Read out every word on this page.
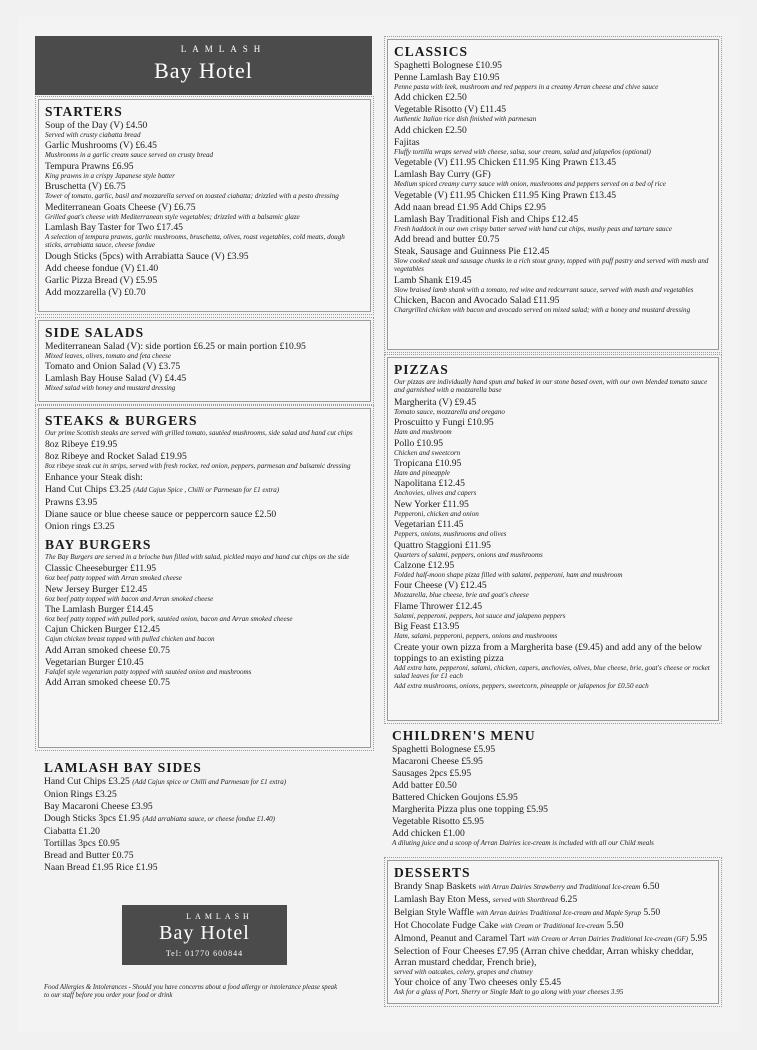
LAMLASH
Bay Hotel
STARTERS
Soup of the Day (V) £4.50
Served with crusty ciabatta bread
Garlic Mushrooms (V) £6.45
Mushrooms in a garlic cream sauce served on crusty bread
Tempura Prawns £6.95
King prawns in a crispy Japanese style batter
Bruschetta (V) £6.75
Tower of tomato, garlic, basil and mozzarella served on toasted ciabatta; drizzled with a pesto dressing
Mediterranean Goats Cheese (V) £6.75
Grilled goat's cheese with Mediterranean style vegetables; drizzled with a balsamic glaze
Lamlash Bay Taster for Two £17.45
A selection of tempura prawns, garlic mushrooms, bruschetta, olives, roast vegetables, cold meats, dough sticks, arrabiatta sauce, cheese fondue
Dough Sticks (5pcs) with Arrabiatta Sauce (V) £3.95
Add cheese fondue (V) £1.40
Garlic Pizza Bread (V) £5.95
Add mozzarella (V) £0.70
SIDE SALADS
Mediterranean Salad (V): side portion £6.25 or main portion £10.95
Mixed leaves, olives, tomato and feta cheese
Tomato and Onion Salad (V) £3.75
Lamlash Bay House Salad (V) £4.45
Mixed salad with honey and mustard dressing
STEAKS & BURGERS
Our prime Scottish steaks are served with grilled tomato, sautéed mushrooms, side salad and hand cut chips
8oz Ribeye £19.95
8oz Ribeye and Rocket Salad £19.95
8oz ribeye steak cut in strips, served with fresh rocket, red onion, peppers, parmesan and balsamic dressing
Enhance your Steak dish:
Hand Cut Chips £3.25 (Add Cajun Spice , Chilli or Parmesan for £1 extra)
Prawns £3.95
Diane sauce or blue cheese sauce or peppercorn sauce £2.50
Onion rings £3.25
BAY BURGERS
The Bay Burgers are served in a brioche bun filled with salad, pickled mayo and hand cut chips on the side
Classic Cheeseburger £11.95
6oz beef patty topped with Arran smoked cheese
New Jersey Burger £12.45
6oz beef patty topped with bacon and Arran smoked cheese
The Lamlash Burger £14.45
6oz beef patty topped with pulled pork, sautéed onion, bacon and Arran smoked cheese
Cajun Chicken Burger £12.45
Cajun chicken breast topped with pulled chicken and bacon
Add Arran smoked cheese £0.75
Vegetarian Burger £10.45
Falafel style vegetarian patty topped with sautéed onion and mushrooms
Add Arran smoked cheese £0.75
LAMLASH BAY SIDES
Hand Cut Chips £3.25 (Add Cajun spice or Chilli and Parmesan for £1 extra)
Onion Rings £3.25
Bay Macaroni Cheese £3.95
Dough Sticks 3pcs £1.95 (Add arrabiatta sauce, or cheese fondue £1.40)
Ciabatta £1.20
Tortillas 3pcs £0.95
Bread and Butter £0.75
Naan Bread £1.95 Rice £1.95
LAMLASH
Bay Hotel
Tel: 01770 600844
Food Allergies & Intolerances - Should you have concerns about a food allergy or intolerance please speak to our staff before you order your food or drink
CLASSICS
Spaghetti Bolognese £10.95
Penne Lamlash Bay £10.95
Penne pasta with leek, mushroom and red peppers in a creamy Arran cheese and chive sauce
Add chicken £2.50
Vegetable Risotto (V) £11.45
Authentic Italian rice dish finished with parmesan
Add chicken £2.50
Fajitas
Fluffy tortilla wraps served with cheese, salsa, sour cream, salad and jalapeños (optional)
Vegetable (V) £11.95 Chicken £11.95 King Prawn £13.45
Lamlash Bay Curry (GF)
Medium spiced creamy curry sauce with onion, mushrooms and peppers served on a bed of rice
Vegetable (V) £11.95 Chicken £11.95 King Prawn £13.45
Add naan bread £1.95 Add Chips £2.95
Lamlash Bay Traditional Fish and Chips £12.45
Fresh haddock in our own crispy batter served with hand cut chips, mushy peas and tartare sauce
Add bread and butter £0.75
Steak, Sausage and Guinness Pie £12.45
Slow cooked steak and sausage chunks in a rich stout gravy, topped with puff pastry and served with mash and vegetables
Lamb Shank £19.45
Slow braised lamb shank with a tomato, red wine and redcurrant sauce, served with mash and vegetables
Chicken, Bacon and Avocado Salad £11.95
Chargrilled chicken with bacon and avocado served on mixed salad; with a honey and mustard dressing
PIZZAS
Our pizzas are individually hand spun and baked in our stone based oven, with our own blended tomato sauce and garnished with a mozzarella base
Margherita (V) £9.45
Tomato sauce, mozzarella and oregano
Proscuitto y Fungi £10.95
Ham and mushroom
Pollo £10.95
Chicken and sweetcorn
Tropicana £10.95
Ham and pineapple
Napolitana £12.45
Anchovies, olives and capers
New Yorker £11.95
Pepperoni, chicken and onion
Vegetarian £11.45
Peppers, onions, mushrooms and olives
Quattro Staggioni £11.95
Quarters of salami, peppers, onions and mushrooms
Calzone £12.95
Folded half-moon shape pizza filled with salami, pepperoni, ham and mushroom
Four Cheese (V) £12.45
Mozzarella, blue cheese, brie and goat's cheese
Flame Thrower £12.45
Salami, pepperoni, peppers, hot sauce and jalapeno peppers
Big Feast £13.95
Ham, salami, pepperoni, peppers, onions and mushrooms
Create your own pizza from a Margherita base (£9.45) and add any of the below toppings to an existing pizza
Add extra ham, pepperoni, salami, chicken, capers, anchovies, olives, blue cheese, brie, goat's cheese or rocket salad leaves for £1 each
Add extra mushrooms, onions, peppers, sweetcorn, pineapple or jalapenos for £0.50 each
CHILDREN'S MENU
Spaghetti Bolognese £5.95
Macaroni Cheese £5.95
Sausages 2pcs £5.95
Add batter £0.50
Battered Chicken Goujons £5.95
Margherita Pizza plus one topping £5.95
Vegetable Risotto £5.95
Add chicken £1.00
A diluting juice and a scoop of Arran Dairies ice-cream is included with all our Child meals
DESSERTS
Brandy Snap Baskets with Arran Dairies Strawberry and Traditional Ice-cream 6.50
Lamlash Bay Eton Mess, served with Shortbread 6.25
Belgian Style Waffle with Arran dairies Traditional Ice-cream and Maple Syrup 5.50
Hot Chocolate Fudge Cake with Cream or Traditional Ice-cream 5.50
Almond, Peanut and Caramel Tart with Cream or Arran Dairies Traditional Ice-cream (GF) 5.95
Selection of Four Cheeses £7.95 (Arran chive cheddar, Arran whisky cheddar, Arran mustard cheddar, French brie),
served with oatcakes, celery, grapes and chutney
Your choice of any Two cheeses only £5.45
Ask for a glass of Port, Sherry or Single Malt to go along with your cheeses 3.95
